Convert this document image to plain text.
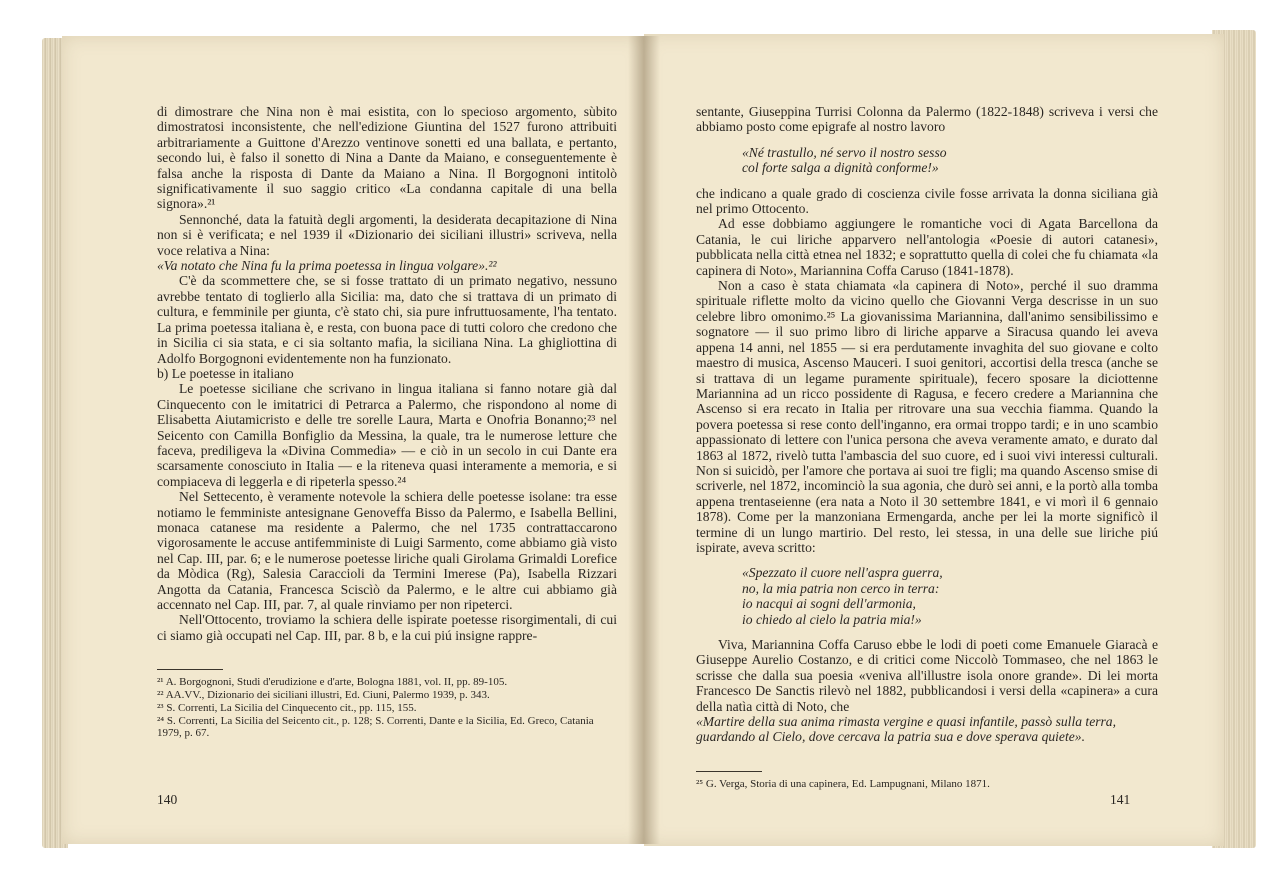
di dimostrare che Nina non è mai esistita, con lo specioso argomento, sùbito dimostratosi inconsistente, che nell'edizione Giuntina del 1527 furono attribuiti arbitrariamente a Guittone d'Arezzo ventinove sonetti ed una ballata, e pertanto, secondo lui, è falso il sonetto di Nina a Dante da Maiano, e conseguentemente è falsa anche la risposta di Dante da Maiano a Nina. Il Borgognoni intitolò significativamente il suo saggio critico «La condanna capitale di una bella signora».²¹

Sennonché, data la fatuità degli argomenti, la desiderata decapitazione di Nina non si è verificata; e nel 1939 il «Dizionario dei siciliani illustri» scriveva, nella voce relativa a Nina:

«Va notato che Nina fu la prima poetessa in lingua volgare».²²

C'è da scommettere che, se si fosse trattato di un primato negativo, nessuno avrebbe tentato di toglierlo alla Sicilia: ma, dato che si trattava di un primato di cultura, e femminile per giunta, c'è stato chi, sia pure infruttuosamente, l'ha tentato. La prima poetessa italiana è, e resta, con buona pace di tutti coloro che credono che in Sicilia ci sia stata, e ci sia soltanto mafia, la siciliana Nina. La ghigliottina di Adolfo Borgognoni evidentemente non ha funzionato.

b) Le poetesse in italiano

Le poetesse siciliane che scrivano in lingua italiana si fanno notare già dal Cinquecento con le imitatrici di Petrarca a Palermo, che rispondono al nome di Elisabetta Aiutamicristo e delle tre sorelle Laura, Marta e Onofria Bonanno;²³ nel Seicento con Camilla Bonfiglio da Messina, la quale, tra le numerose letture che faceva, prediligeva la «Divina Commedia» — e ciò in un secolo in cui Dante era scarsamente conosciuto in Italia — e la riteneva quasi interamente a memoria, e si compiaceva di leggerla e di ripeterla spesso.²⁴

Nel Settecento, è veramente notevole la schiera delle poetesse isolane: tra esse notiamo le femministe antesignane Genoveffa Bisso da Palermo, e Isabella Bellini, monaca catanese ma residente a Palermo, che nel 1735 contrattaccarono vigorosamente le accuse antifemministe di Luigi Sarmento, come abbiamo già visto nel Cap. III, par. 6; e le numerose poetesse liriche quali Girolama Grimaldi Lorefice da Mòdica (Rg), Salesia Caraccioli da Termini Imerese (Pa), Isabella Rizzari Angotta da Catania, Francesca Sciscìò da Palermo, e le altre cui abbiamo già accennato nel Cap. III, par. 7, al quale rinviamo per non ripeterci.

Nell'Ottocento, troviamo la schiera delle ispirate poetesse risorgimentali, di cui ci siamo già occupati nel Cap. III, par. 8 b, e la cui piú insigne rappre-

²¹ A. Borgognoni, Studi d'erudizione e d'arte, Bologna 1881, vol. II, pp. 89-105.

²² AA.VV., Dizionario dei siciliani illustri, Ed. Ciuni, Palermo 1939, p. 343.

²³ S. Correnti, La Sicilia del Cinquecento cit., pp. 115, 155.

²⁴ S. Correnti, La Sicilia del Seicento cit., p. 128; S. Correnti, Dante e la Sicilia, Ed. Greco, Catania 1979, p. 67.

140

sentante, Giuseppina Turrisi Colonna da Palermo (1822-1848) scriveva i versi che abbiamo posto come epigrafe al nostro lavoro

«Né trastullo, né servo il nostro sesso
col forte salga a dignità conforme!»

che indicano a quale grado di coscienza civile fosse arrivata la donna siciliana già nel primo Ottocento.

Ad esse dobbiamo aggiungere le romantiche voci di Agata Barcellona da Catania, le cui liriche apparvero nell'antologia «Poesie di autori catanesi», pubblicata nella città etnea nel 1832; e soprattutto quella di colei che fu chiamata «la capinera di Noto», Mariannina Coffa Caruso (1841-1878).

Non a caso è stata chiamata «la capinera di Noto», perché il suo dramma spirituale riflette molto da vicino quello che Giovanni Verga descrisse in un suo celebre libro omonimo.²⁵ La giovanissima Mariannina, dall'animo sensibilissimo e sognatore — il suo primo libro di liriche apparve a Siracusa quando lei aveva appena 14 anni, nel 1855 — si era perdutamente invaghita del suo giovane e colto maestro di musica, Ascenso Mauceri. I suoi genitori, accortisi della tresca (anche se si trattava di un legame puramente spirituale), fecero sposare la diciottenne Mariannina ad un ricco possidente di Ragusa, e fecero credere a Mariannina che Ascenso si era recato in Italia per ritrovare una sua vecchia fiamma. Quando la povera poetessa si rese conto dell'inganno, era ormai troppo tardi; e in uno scambio appassionato di lettere con l'unica persona che aveva veramente amato, e durato dal 1863 al 1872, rivelò tutta l'ambascia del suo cuore, ed i suoi vivi interessi culturali. Non si suicidò, per l'amore che portava ai suoi tre figli; ma quando Ascenso smise di scriverle, nel 1872, incominciò la sua agonia, che durò sei anni, e la portò alla tomba appena trentaseienne (era nata a Noto il 30 settembre 1841, e vi morì il 6 gennaio 1878). Come per la manzoniana Ermengarda, anche per lei la morte significò il termine di un lungo martirio. Del resto, lei stessa, in una delle sue liriche piú ispirate, aveva scritto:

«Spezzato il cuore nell'aspra guerra,
no, la mia patria non cerco in terra:
io nacqui ai sogni dell'armonia,
io chiedo al cielo la patria mia!»

Viva, Mariannina Coffa Caruso ebbe le lodi di poeti come Emanuele Giaracà e Giuseppe Aurelio Costanzo, e di critici come Niccolò Tommaseo, che nel 1863 le scrisse che dalla sua poesia «veniva all'illustre isola onore grande». Di lei morta Francesco De Sanctis rilevò nel 1882, pubblicandosi i versi della «capinera» a cura della natìa città di Noto, che

«Martire della sua anima rimasta vergine e quasi infantile, passò sulla terra, guardando al Cielo, dove cercava la patria sua e dove sperava quiete».

²⁵ G. Verga, Storia di una capinera, Ed. Lampugnani, Milano 1871.

141
